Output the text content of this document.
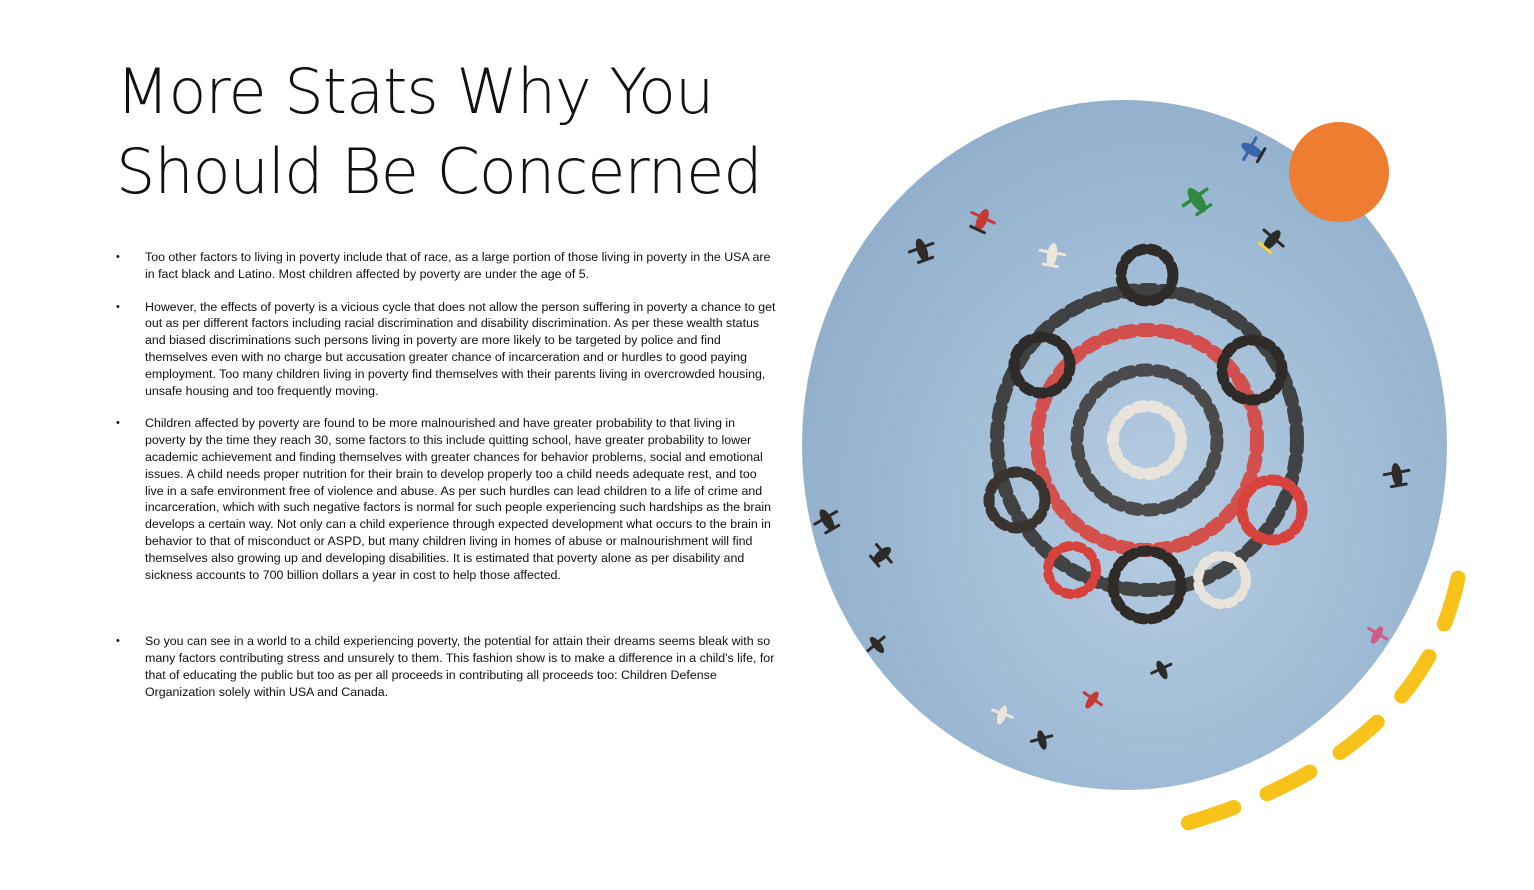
More Stats Why You
Should Be Concerned
• Too other factors to living in poverty include that of race, as a large portion of those living in poverty in the USA are in fact black and Latino. Most children affected by poverty are under the age of 5.
• However, the effects of poverty is a vicious cycle that does not allow the person suffering in poverty a chance to get out as per different factors including racial discrimination and disability discrimination. As per these wealth status and biased discriminations such persons living in poverty are more likely to be targeted by police and find themselves even with no charge but accusation greater chance of incarceration and or hurdles to good paying employment. Too many children living in poverty find themselves with their parents living in overcrowded housing, unsafe housing and too frequently moving.
• Children affected by poverty are found to be more malnourished and have greater probability to that living in poverty by the time they reach 30, some factors to this include quitting school, have greater probability to lower academic achievement and finding themselves with greater chances for behavior problems, social and emotional issues. A child needs proper nutrition for their brain to develop properly too a child needs adequate rest, and too live in a safe environment free of violence and abuse. As per such hurdles can lead children to a life of crime and incarceration, which with such negative factors is normal for such people experiencing such hardships as the brain develops a certain way. Not only can a child experience through expected development what occurs to the brain in behavior to that of misconduct or ASPD, but many children living in homes of abuse or malnourishment will find themselves also growing up and developing disabilities. It is estimated that poverty alone as per disability and sickness accounts to 700 billion dollars a year in cost to help those affected.
• So you can see in a world to a child experiencing poverty, the potential for attain their dreams seems bleak with so many factors contributing stress and unsurely to them. This fashion show is to make a difference in a child's life, for that of educating the public but too as per all proceeds in contributing all proceeds too: Children Defense Organization solely within USA and Canada.
